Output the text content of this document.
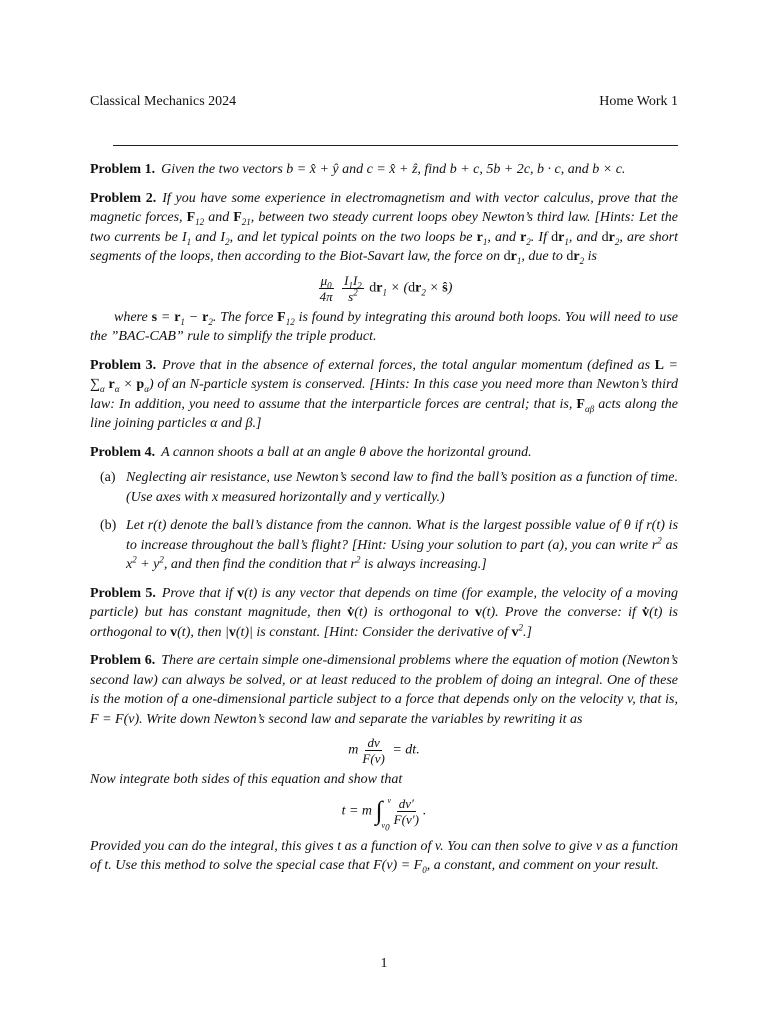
Classical Mechanics 2024	Home Work 1

Problem 1. Given the two vectors b = x̂ + ŷ and c = x̂ + ẑ, find b + c, 5b + 2c, b · c, and b × c.

Problem 2. If you have some experience in electromagnetism and with vector calculus, prove that the magnetic forces, $F_{12}$ and $F_{21}$, between two steady current loops obey Newton’s third law. [Hints: Let the two currents be $I_1$ and $I_2$, and let typical points on the two loops be $r_1$, and $r_2$. If $dr_1$, and $dr_2$, are short segments of the loops, then according to the Biot-Savart law, the force on $dr_1$, due to $dr_2$ is

$\frac{\mu_0}{4\pi}$
$\frac{I_1I_2}{s^2} dr_1 \times (dr_2$ × ŝ)

where $s = r_1 - r_2$. The force $F_{12}$ is found by integrating this around both loops. You will need to use the ”BAC-CAB” rule to simplify the triple product.

Problem 3. Prove that in the absence of external forces, the total angular momentum (defined as $L = \sum_\alpha$ $r_\alpha \times p_\alpha$) of an N-particle system is conserved. [Hints: In this case you need more than Newton’s third law: In addition, you need to assume that the interparticle forces are central; that is, $F_{\alpha\beta}$ acts along the line joining particles α and β.]

Problem 4. A cannon shoots a ball at an angle θ above the horizontal ground.

(a) Neglecting air resistance, use Newton’s second law to find the ball’s position as a function of time. (Use axes with x measured horizontally and y vertically.)
(b) Let r(t) denote the ball’s distance from the cannon. What is the largest possible value of θ if r(t) is to increase throughout the ball’s flight? [Hint: Using your solution to part (a), you can write $r^2$ as $x^2 + y^2$, and then find the condition that $r^2$ is always increasing.]

Problem 5. Prove that if v(t) is any vector that depends on time (for example, the velocity of a moving particle) but has constant magnitude, then v̇(t) is orthogonal to v(t). Prove the converse: if v̇(t) is orthogonal to v(t), then |v(t)| is constant. [Hint: Consider the derivative of $v^2$.]

Problem 6. There are certain simple one-dimensional problems where the equation of motion (Newton’s second law) can always be solved, or at least reduced to the problem of doing an integral. One of these is the motion of a one-dimensional particle subject to a force that depends only on the velocity v, that is, F = F(v). Write down Newton’s second law and separate the variables by rewriting it as

m $\frac{dv}{F(v)}$ = dt.

Now integrate both sides of this equation and show that

t = m ∫ v
$v_0$

$\frac{dv'}{F(v')}$ .

Provided you can do the integral, this gives t as a function of v. You can then solve to give v as a function of t. Use this method to solve the special case that $F(v) = F_0$, a constant, and comment on your result.

1
